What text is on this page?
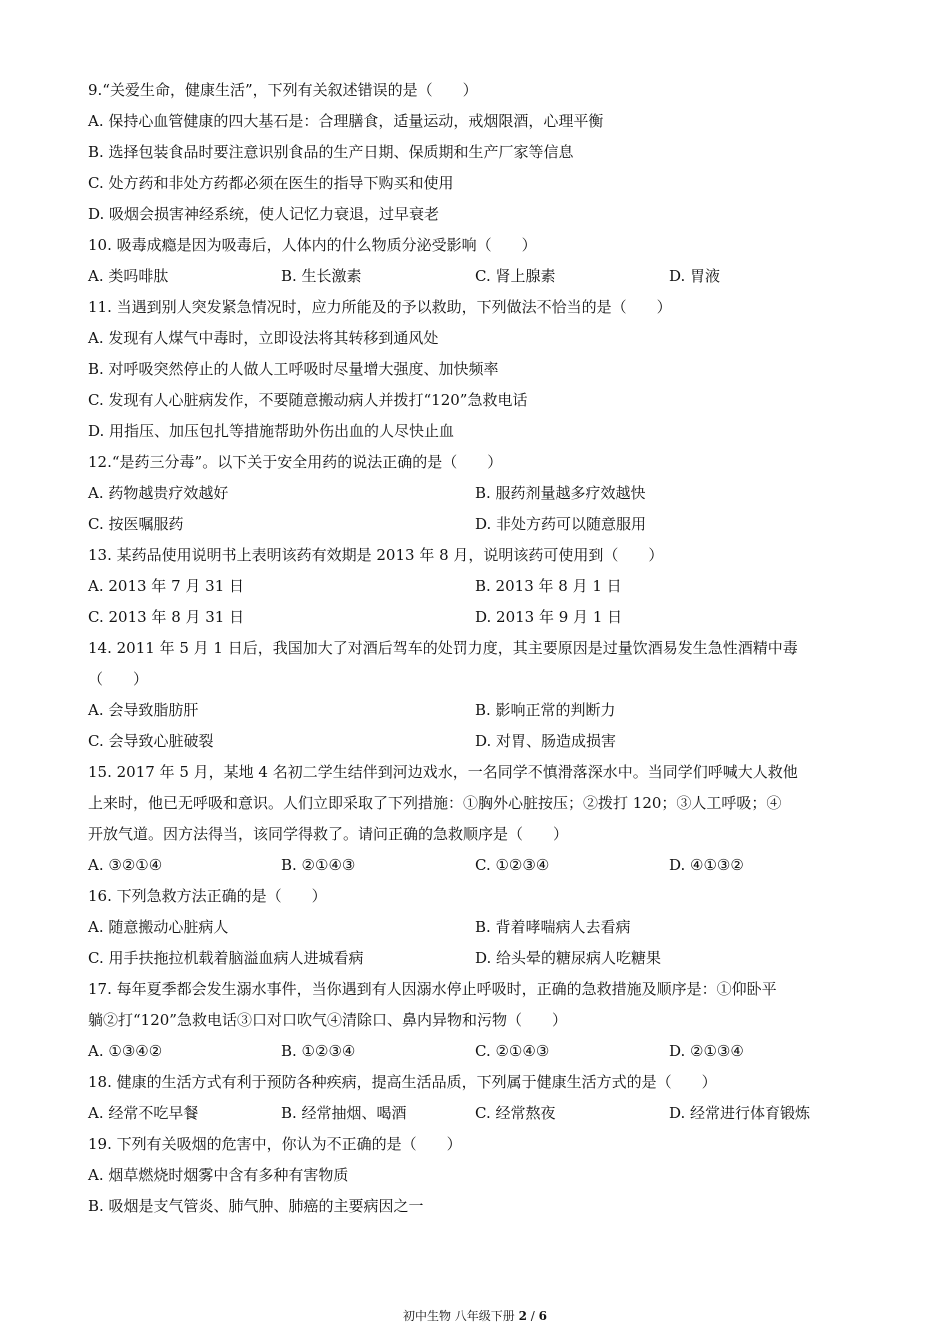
9.“关爱生命，健康生活”，下列有关叙述错误的是（　　）
A. 保持心血管健康的四大基石是：合理膳食，适量运动，戒烟限酒，心理平衡
B. 选择包装食品时要注意识别食品的生产日期、保质期和生产厂家等信息
C. 处方药和非处方药都必须在医生的指导下购买和使用
D. 吸烟会损害神经系统，使人记忆力衰退，过早衰老
10. 吸毒成瘾是因为吸毒后，人体内的什么物质分泌受影响（　　）
A. 类吗啡肽	B. 生长激素	C. 肾上腺素	D. 胃液
11. 当遇到别人突发紧急情况时，应力所能及的予以救助，下列做法不恰当的是（　　）
A. 发现有人煤气中毒时，立即设法将其转移到通风处
B. 对呼吸突然停止的人做人工呼吸时尽量增大强度、加快频率
C. 发现有人心脏病发作，不要随意搬动病人并拨打“120”急救电话
D. 用指压、加压包扎等措施帮助外伤出血的人尽快止血
12.“是药三分毒”。以下关于安全用药的说法正确的是（　　）
A. 药物越贵疗效越好	B. 服药剂量越多疗效越快
C. 按医嘱服药	D. 非处方药可以随意服用
13. 某药品使用说明书上表明该药有效期是 2013 年 8 月，说明该药可使用到（　　）
A. 2013 年 7 月 31 日	B. 2013 年 8 月 1 日
C. 2013 年 8 月 31 日	D. 2013 年 9 月 1 日
14. 2011 年 5 月 1 日后，我国加大了对酒后驾车的处罚力度，其主要原因是过量饮酒易发生急性酒精中毒
（　　）
A. 会导致脂肪肝	B. 影响正常的判断力
C. 会导致心脏破裂	D. 对胃、肠造成损害
15. 2017 年 5 月，某地 4 名初二学生结伴到河边戏水，一名同学不慎滑落深水中。当同学们呼喊大人救他
上来时，他已无呼吸和意识。人们立即采取了下列措施：①胸外心脏按压；②拨打 120；③人工呼吸；④
开放气道。因方法得当，该同学得救了。请问正确的急救顺序是（　　）
A. ③②①④	B. ②①④③	C. ①②③④	D. ④①③②
16. 下列急救方法正确的是（　　）
A. 随意搬动心脏病人	B. 背着哮喘病人去看病
C. 用手扶拖拉机载着脑溢血病人进城看病	D. 给头晕的糖尿病人吃糖果
17. 每年夏季都会发生溺水事件，当你遇到有人因溺水停止呼吸时，正确的急救措施及顺序是：①仰卧平
躺②打“120”急救电话③口对口吹气④清除口、鼻内异物和污物（　　）
A. ①③④②	B. ①②③④	C. ②①④③	D. ②①③④
18. 健康的生活方式有利于预防各种疾病，提高生活品质，下列属于健康生活方式的是（　　）
A. 经常不吃早餐	B. 经常抽烟、喝酒	C. 经常熬夜	D. 经常进行体育锻炼
19. 下列有关吸烟的危害中，你认为不正确的是（　　）
A. 烟草燃烧时烟雾中含有多种有害物质
B. 吸烟是支气管炎、肺气肿、肺癌的主要病因之一
初中生物 八年级下册 2 / 6
